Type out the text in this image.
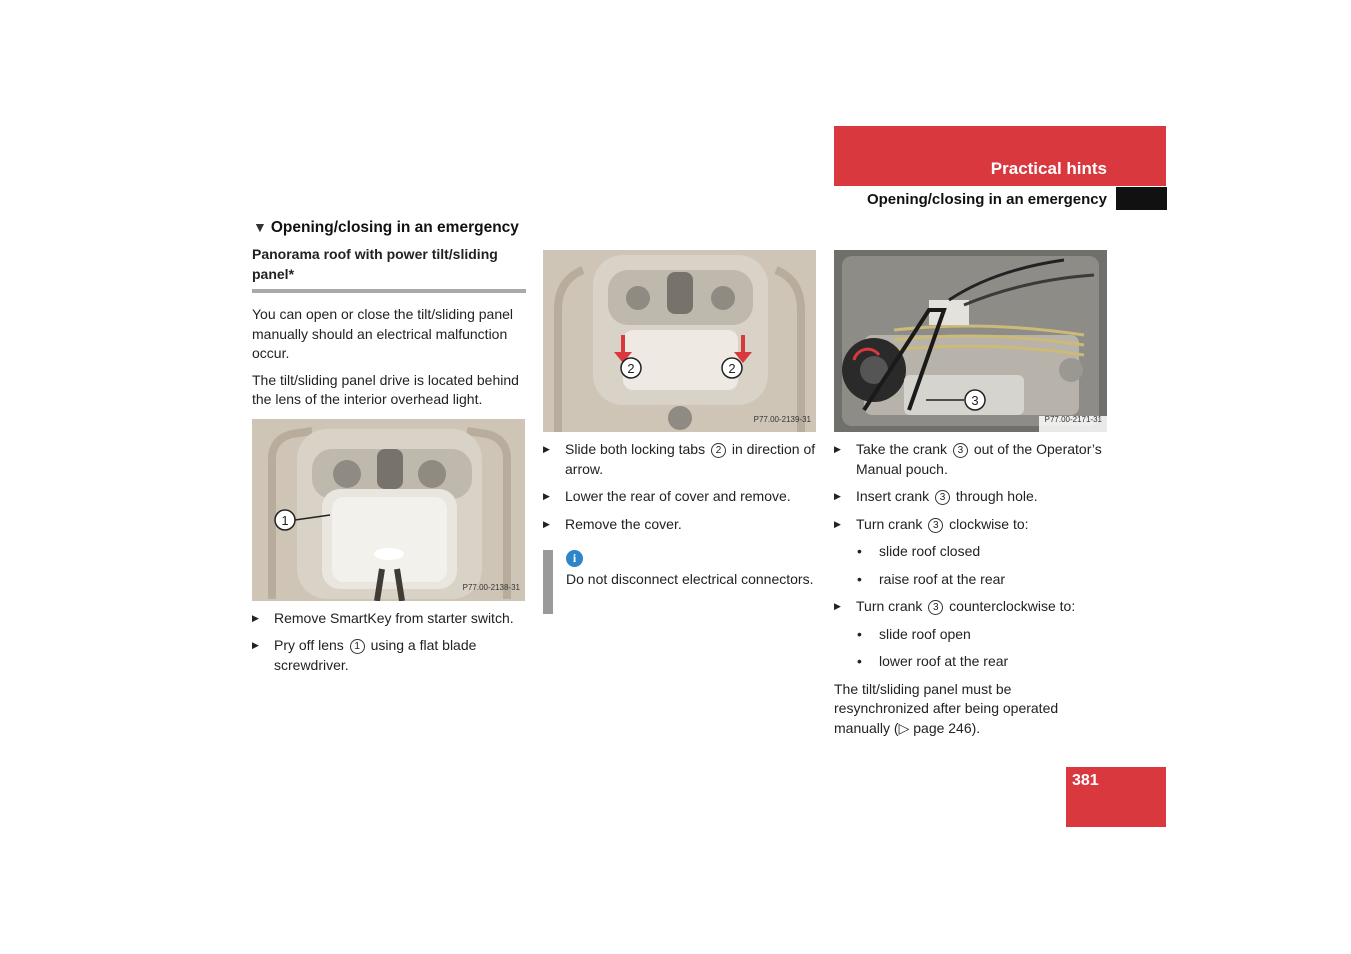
Practical hints
Opening/closing in an emergency
▼ Opening/closing in an emergency
Panorama roof with power tilt/sliding panel*
You can open or close the tilt/sliding panel manually should an electrical malfunction occur.
The tilt/sliding panel drive is located behind the lens of the interior overhead light.
1
P77.00-2138-31
▶ Remove SmartKey from starter switch.
▶ Pry off lens 1 using a flat blade screwdriver.
2	2
P77.00-2139-31
▶ Slide both locking tabs 2 in direction of arrow.
▶ Lower the rear of cover and remove.
▶ Remove the cover.
i
Do not disconnect electrical connectors.
3
P77.00-2171-31
▶ Take the crank 3 out of the Operator’s Manual pouch.
▶ Insert crank 3 through hole.
▶ Turn crank 3 clockwise to:
• slide roof closed
• raise roof at the rear
▶ Turn crank 3 counterclockwise to:
• slide roof open
• lower roof at the rear
The tilt/sliding panel must be resynchronized after being operated manually (▷ page 246).
381
